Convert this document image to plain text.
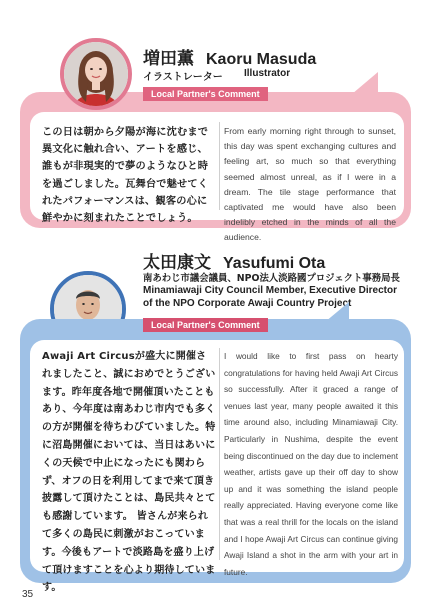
増田薫 Kaoru Masuda
イラストレーター Illustrator
Local Partner's Comment
この日は朝から夕陽が海に沈むまで異文化に触れ合い、アートを感じ、誰もが非現実的で夢のようなひと時を過ごしました。瓦舞台で魅せてくれたパフォーマンスは、観客の心に鮮やかに刻まれたことでしょう。
From early morning right through to sunset, this day was spent exchanging cultures and feeling art, so much so that everything seemed almost unreal, as if I were in a dream. The tile stage performance that captivated me would have also been indelibly etched in the minds of all the audience.
太田康文 Yasufumi Ota
南あわじ市議会議員、NPO法人淡路國プロジェクト事務局長
Minamiawaji City Council Member, Executive Director
of the NPO Corporate Awaji Country Project
Local Partner's Comment
Awaji Art Circusが盛大に開催されましたこと、誠におめでとうございます。昨年度各地で開催頂いたこともあり、今年度は南あわじ市内でも多くの方が開催を待ちわびていました。特に沼島開催においては、当日はあいにくの天候で中止になったにも関わらず、オフの日を利用してまで来て頂き披露して頂けたことは、島民共々とても感謝しています。 皆さんが来られて多くの島民に刺激がおこっています。今後もアートで淡路島を盛り上げて頂けますことを心より期待しています。
I would like to first pass on hearty congratulations for having held Awaji Art Circus so successfully. After it graced a range of venues last year, many people awaited it this time around also, including Minamiawaji City. Particularly in Nushima, despite the event being discontinued on the day due to inclement weather, artists gave up their off day to show up and it was something the island people really appreciated. Having everyone come like that was a real thrill for the locals on the island and I hope Awaji Art Circus can continue giving Awaji Island a shot in the arm with your art in future.
35
